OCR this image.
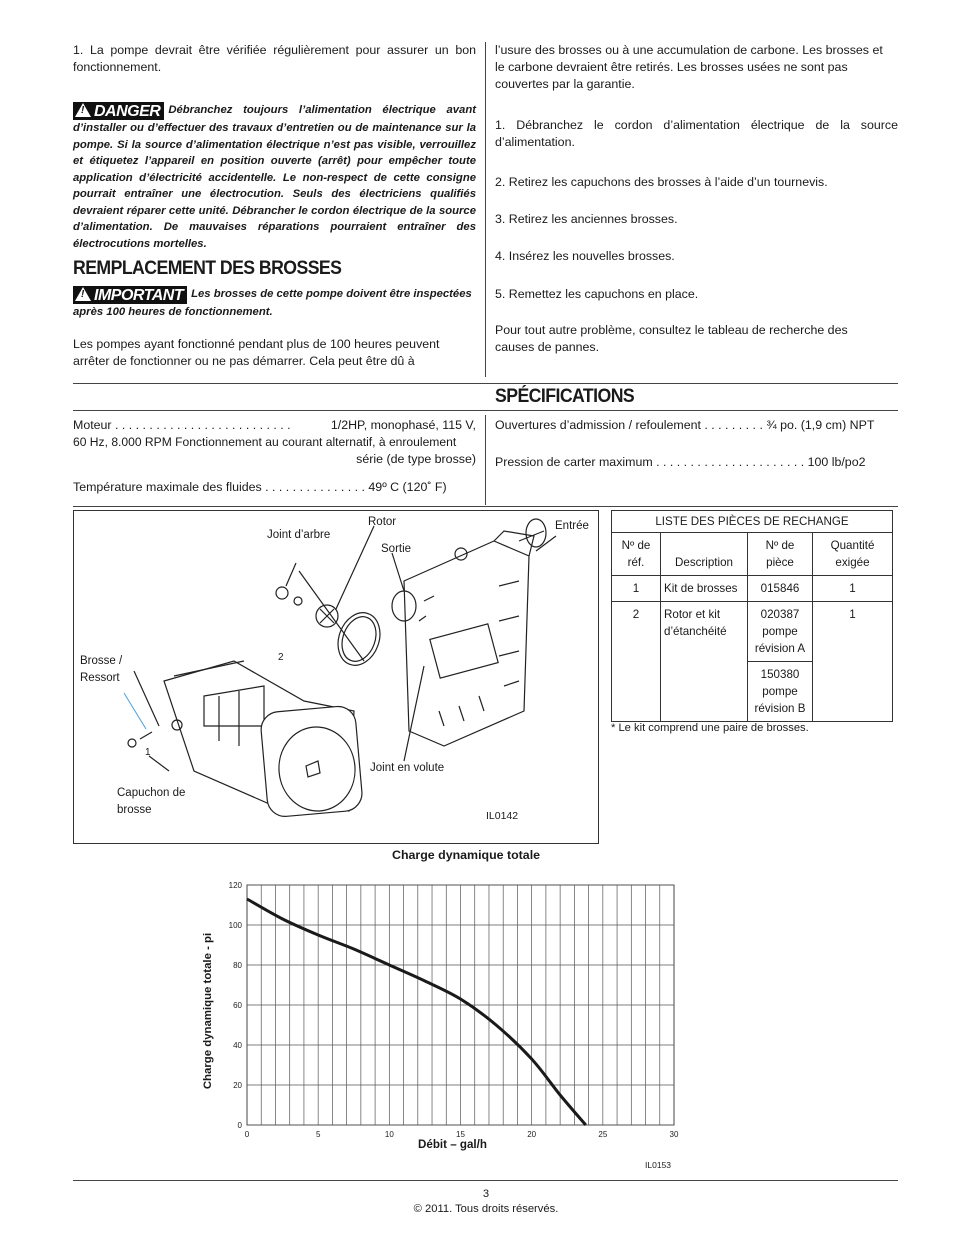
1. La pompe devrait être vérifiée régulièrement pour assurer un bon fonctionnement.
!DANGER Débranchez toujours l’alimentation électrique avant d’installer ou d’effectuer des travaux d’entretien ou de maintenance sur la pompe. Si la source d’alimentation électrique n’est pas visible, verrouillez et étiquetez l’appareil en position ouverte (arrêt) pour empêcher toute application d’électricité accidentelle. Le non-respect de cette consigne pourrait entraîner une électrocution. Seuls des électriciens qualifiés devraient réparer cette unité. Débrancher le cordon électrique de la source d’alimentation. De mauvaises réparations pourraient entraîner des électrocutions mortelles.
REMPLACEMENT DES BROSSES
!IMPORTANT Les brosses de cette pompe doivent être inspectées après 100 heures de fonctionnement.
Les pompes ayant fonctionné pendant plus de 100 heures peuvent arrêter de fonctionner ou ne pas démarrer. Cela peut être dû à
l’usure des brosses ou à une accumulation de carbone. Les brosses et le carbone devraient être retirés. Les brosses usées ne sont pas couvertes par la garantie.
1. Débranchez le cordon d’alimentation électrique de la source d’alimentation.
2. Retirez les capuchons des brosses à l’aide d’un tournevis.
3. Retirez les anciennes brosses.
4. Insérez les nouvelles brosses.
5. Remettez les capuchons en place.
Pour tout autre problème, consultez le tableau de recherche des causes de pannes.
SPÉCIFICATIONS
Moteur . . . . . . . . . . . . . . . . . . . . . . . . . .	1/2HP, monophasé, 115 V,
60 Hz, 8.000 RPM Fonctionnement au courant alternatif, à enroulement
série (de type brosse)
Température maximale des fluides . . . . . . . . . . . . . . . 49º C (120˚ F)
Ouvertures d’admission / refoulement . . . . . . . . . ¾ po. (1,9 cm) NPT
Pression de carter maximum . . . . . . . . . . . . . . . . . . . . . . 100 lb/po2
Rotor
Joint d’arbre
Sortie
Entrée
Brosse /
Ressort
2
1
Joint en volute
Capuchon de
brosse	IL0142
LISTE DES PIÈCES DE RECHANGE			
Nº de réf.	Description	Nº de pièce	Quantité exigée
1	Kit de brosses	015846	1
2	Rotor et kit d’étanchéité	020387 pompe révision A	1
		150380 pompe révision B	
* Le kit comprend une paire de brosses.
Charge dynamique totale
Charge dynamique totale - pi
0	5	10	15	20	25	30
0
20
40
60
80
100
120
Débit – gal/h
IL0153
3
© 2011. Tous droits réservés.
